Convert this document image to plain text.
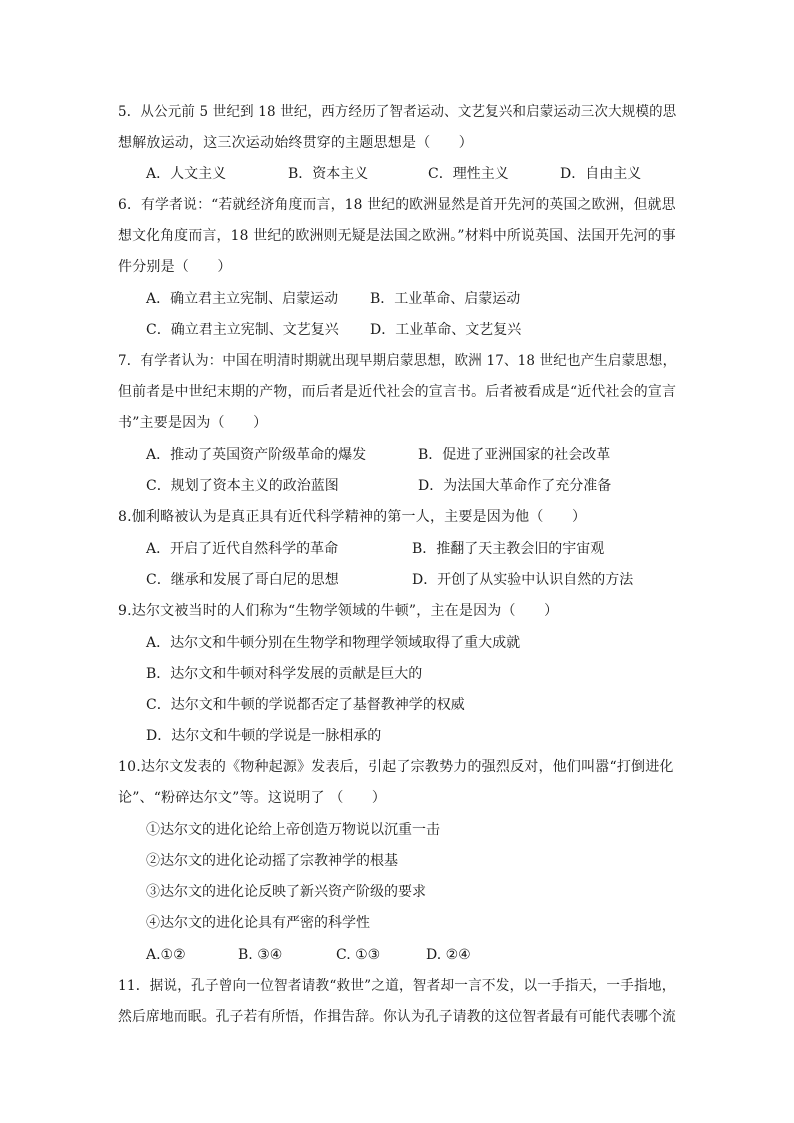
5．从公元前 5 世纪到 18 世纪，西方经历了智者运动、文艺复兴和启蒙运动三次大规模的思
想解放运动，这三次运动始终贯穿的主题思想是（　　）
A．人文主义	B．资本主义	C．理性主义	D．自由主义
6．有学者说：“若就经济角度而言，18 世纪的欧洲显然是首开先河的英国之欧洲，但就思
想文化角度而言，18 世纪的欧洲则无疑是法国之欧洲。”材料中所说英国、法国开先河的事
件分别是（　　）
A．确立君主立宪制、启蒙运动 B．工业革命、启蒙运动
C．确立君主立宪制、文艺复兴 D．工业革命、文艺复兴
7．有学者认为：中国在明清时期就出现早期启蒙思想，欧洲 17、18 世纪也产生启蒙思想，
但前者是中世纪末期的产物，而后者是近代社会的宣言书。后者被看成是“近代社会的宣言
书”主要是因为（　　）
A．推动了英国资产阶级革命的爆发	B．促进了亚洲国家的社会改革
C．规划了资本主义的政治蓝图	D．为法国大革命作了充分准备
8.伽利略被认为是真正具有近代科学精神的第一人，主要是因为他（　　）
A．开启了近代自然科学的革命	B．推翻了天主教会旧的宇宙观
C．继承和发展了哥白尼的思想	D．开创了从实验中认识自然的方法
9.达尔文被当时的人们称为“生物学领域的牛顿”，主在是因为（　　）
A．达尔文和牛顿分别在生物学和物理学领域取得了重大成就
B．达尔文和牛顿对科学发展的贡献是巨大的
C．达尔文和牛顿的学说都否定了基督教神学的权威
D．达尔文和牛顿的学说是一脉相承的
10.达尔文发表的《物种起源》发表后，引起了宗教势力的强烈反对，他们叫嚣“打倒进化
论”、“粉碎达尔文”等。这说明了 （　　）
①达尔文的进化论给上帝创造万物说以沉重一击
②达尔文的进化论动摇了宗教神学的根基
③达尔文的进化论反映了新兴资产阶级的要求
④达尔文的进化论具有严密的科学性
A.①②	B. ③④	C. ①③	D. ②④
11．据说，孔子曾向一位智者请教“救世”之道，智者却一言不发，以一手指天，一手指地，
然后席地而眠。孔子若有所悟，作揖告辞。你认为孔子请教的这位智者最有可能代表哪个流
